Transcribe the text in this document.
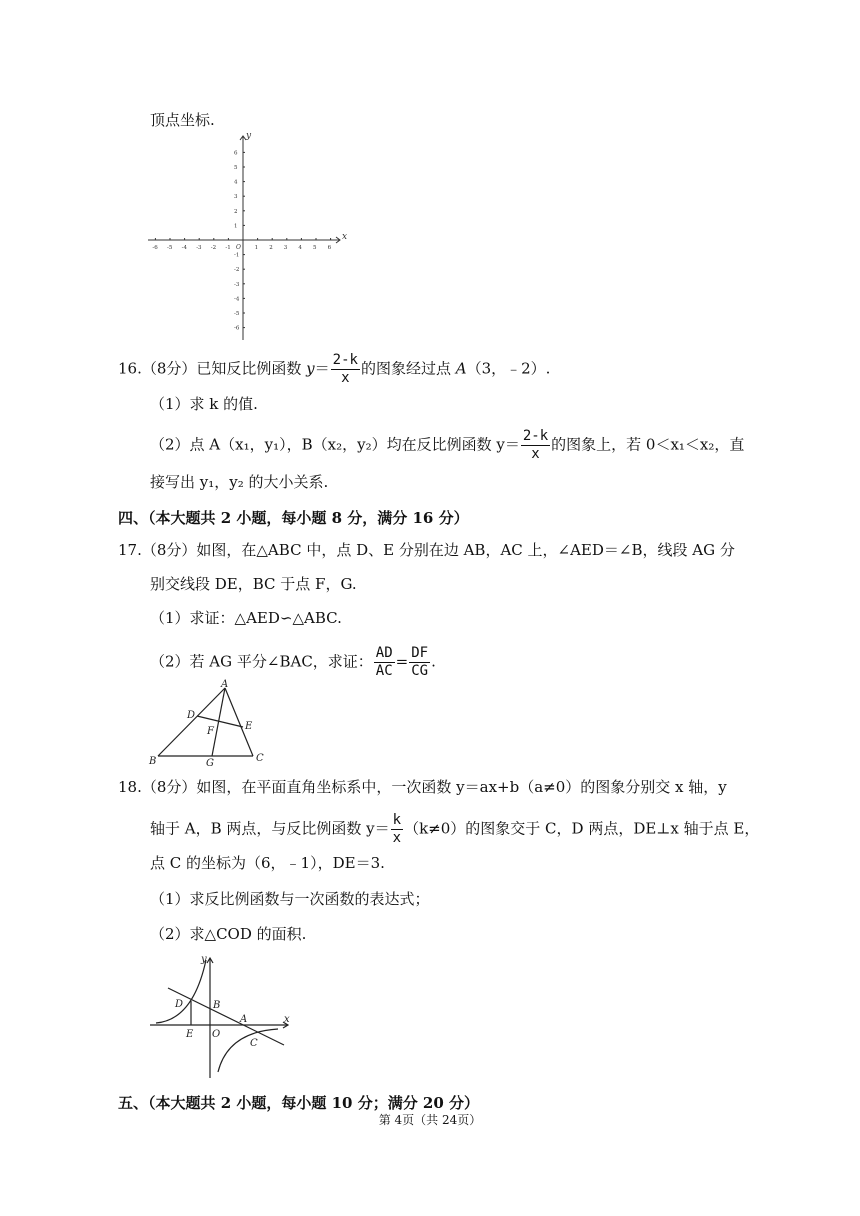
顶点坐标.
-6 -5 -4 -3 -2 -1	1 2 3 4 5 6
6
5
4
3
2
1
-1
-2
-3
-4
-5
-6
x
y
O
16.（8分）已知反比例函数 $y= \frac{2-k}{x}$ 的图象经过点 A（3，﹣2）.
（1）求 k 的值.
（2）点 A（x₁，y₁），B（x₂，y₂）均在反比例函数 $y= \frac{2-k}{x}$ 的图象上，若 0＜x₁＜x₂，直
接写出 y₁，y₂ 的大小关系.
四、（本大题共 2 小题，每小题 8 分，满分 16 分）
17.（8分）如图，在△ABC 中，点 D、E 分别在边 AB，AC 上，∠AED＝∠B，线段 AG 分
别交线段 DE，BC 于点 F，G.
（1）求证：△AED∽△ABC.
（2）若 AG 平分∠BAC，求证： $\frac{AD}{AC} = \frac{DF}{CG}$ .
A
B	C
D
E
F
G
18.（8分）如图，在平面直角坐标系中，一次函数 y＝ax+b（a≠0）的图象分别交 x 轴，y
轴于 A，B 两点，与反比例函数 $y= \frac{k}{x} (k\ne 0)$的图象交于 C，D 两点，DE⊥x 轴于点 E，
点 C 的坐标为（6，﹣1），DE＝3.
（1）求反比例函数与一次函数的表达式；
（2）求△COD 的面积.
y
x
D	B
A
E O
C
五、（本大题共 2 小题，每小题 10 分；满分 20 分）
第 4页（共 24页）
